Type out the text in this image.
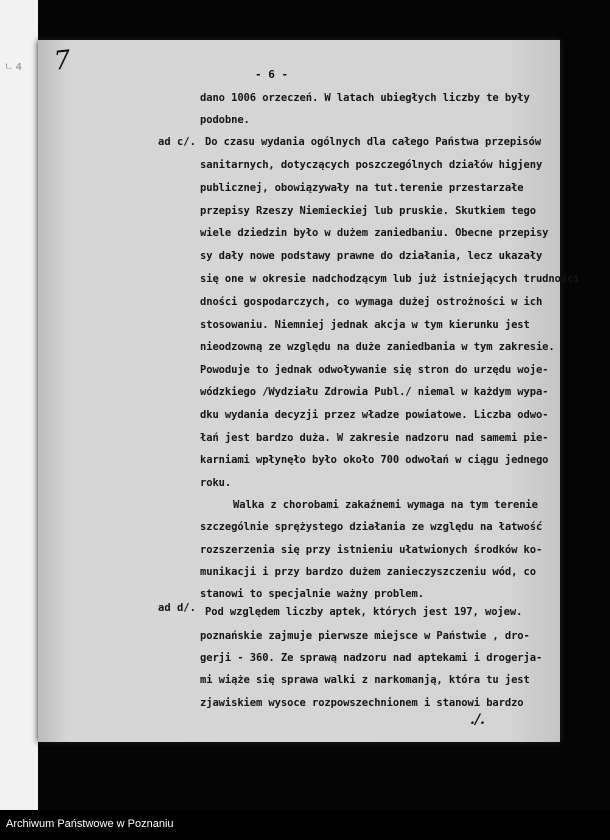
ㄴ4 7	- 6 -
ad c/.
ad d/.
dano 1006 orzeczeń. W latach ubiegłych liczby te były
podobne.
Do czasu wydania ogólnych dla całego Państwa przepisów
sanitarnych, dotyczących poszczególnych działów higjeny
publicznej, obowiązywały na tut.terenie przestarzałe
przepisy Rzeszy Niemieckiej lub pruskie. Skutkiem tego
wiele dziedzin było w dużem zaniedbaniu. Obecne przepisy
sy dały nowe podstawy prawne do działania, lecz ukazały
się one w okresie nadchodzącym lub już istniejących trudności
dności gospodarczych, co wymaga dużej ostrożności w ich
stosowaniu. Niemniej jednak akcja w tym kierunku jest
nieodzowną ze względu na duże zaniedbania w tym zakresie.
Powoduje to jednak odwoływanie się stron do urzędu woje-
wódzkiego /Wydziału Zdrowia Publ./ niemal w każdym wypa-
dku wydania decyzji przez władze powiatowe. Liczba odwo-
łań jest bardzo duża. W zakresie nadzoru nad samemi pie-
karniami wpłynęło było około 700 odwołań w ciągu jednego
roku.
Walka z chorobami zakaźnemi wymaga na tym terenie
szczególnie sprężystego działania ze względu na łatwość
rozszerzenia się przy istnieniu ułatwionych środków ko-
munikacji i przy bardzo dużem zanieczyszczeniu wód, co
stanowi to specjalnie ważny problem.
Pod względem liczby aptek, których jest 197, wojew.
poznańskie zajmuje pierwsze miejsce w Państwie , dro-
gerji - 360. Ze sprawą nadzoru nad aptekami i drogerja-
mi wiąże się sprawa walki z narkomanją, która tu jest
zjawiskiem wysoce rozpowszechnionem i stanowi bardzo
./.
Archiwum Państwowe w Poznaniu
